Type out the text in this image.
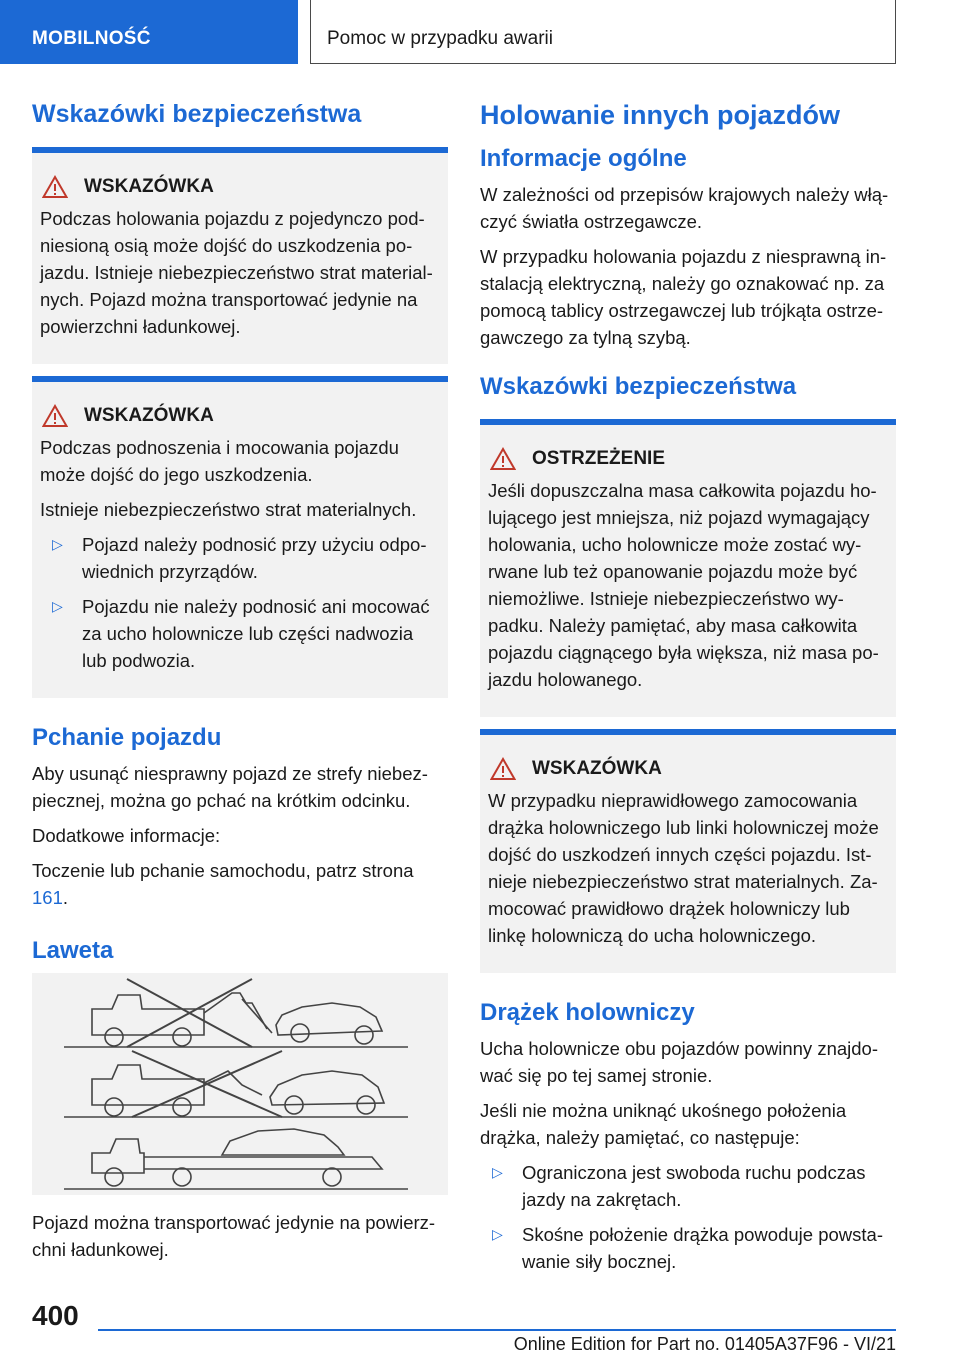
MOBILNOŚĆ	Pomoc w przypadku awarii
Wskazówki bezpieczeństwa
WSKAZÓWKA

Podczas holowania pojazdu z pojedynczo pod‐niesioną osią może dojść do uszkodzenia po‐jazdu. Istnieje niebezpieczeństwo strat material‐nych. Pojazd można transportować jedynie na powierzchni ładunkowej.

WSKAZÓWKA

Podczas podnoszenia i mocowania pojazdu może dojść do jego uszkodzenia.

Istnieje niebezpieczeństwo strat materialnych.

▷ Pojazd należy podnosić przy użyciu odpo‐wiednich przyrządów.
▷ Pojazdu nie należy podnosić ani mocować za ucho holownicze lub części nadwozia lub podwozia.
Pchanie pojazdu

Aby usunąć niesprawny pojazd ze strefy niebez‐piecznej, można go pchać na krótkim odcinku.

Dodatkowe informacje:

Toczenie lub pchanie samochodu, patrz strona 161.

Laweta

Pojazd można transportować jedynie na powierz‐chni ładunkowej.

Holowanie innych pojazdów
Informacje ogólne

W zależności od przepisów krajowych należy włą‐czyć światła ostrzegawcze.

W przypadku holowania pojazdu z niesprawną in‐stalacją elektryczną, należy go oznakować np. za pomocą tablicy ostrzegawczej lub trójkąta ostrze‐gawczego za tylną szybą.

Wskazówki bezpieczeństwa
OSTRZEŻENIE

Jeśli dopuszczalna masa całkowita pojazdu ho‐lującego jest mniejsza, niż pojazd wymagający holowania, ucho holownicze może zostać wy‐rwane lub też opanowanie pojazdu może być niemożliwe. Istnieje niebezpieczeństwo wy‐padku. Należy pamiętać, aby masa całkowita pojazdu ciągnącego była większa, niż masa po‐jazdu holowanego.

WSKAZÓWKA

W przypadku nieprawidłowego zamocowania drążka holowniczego lub linki holowniczej może dojść do uszkodzeń innych części pojazdu. Ist‐nieje niebezpieczeństwo strat materialnych. Za‐mocować prawidłowo drążek holowniczy lub linkę holowniczą do ucha holowniczego.

Drążek holowniczy

Ucha holownicze obu pojazdów powinny znajdo‐wać się po tej samej stronie.

Jeśli nie można uniknąć ukośnego położenia drążka, należy pamiętać, co następuje:

▷ Ograniczona jest swoboda ruchu podczas jazdy na zakrętach.
▷ Skośne położenie drążka powoduje powsta‐wanie siły bocznej.
400
Online Edition for Part no. 01405A37F96 - VI/21
